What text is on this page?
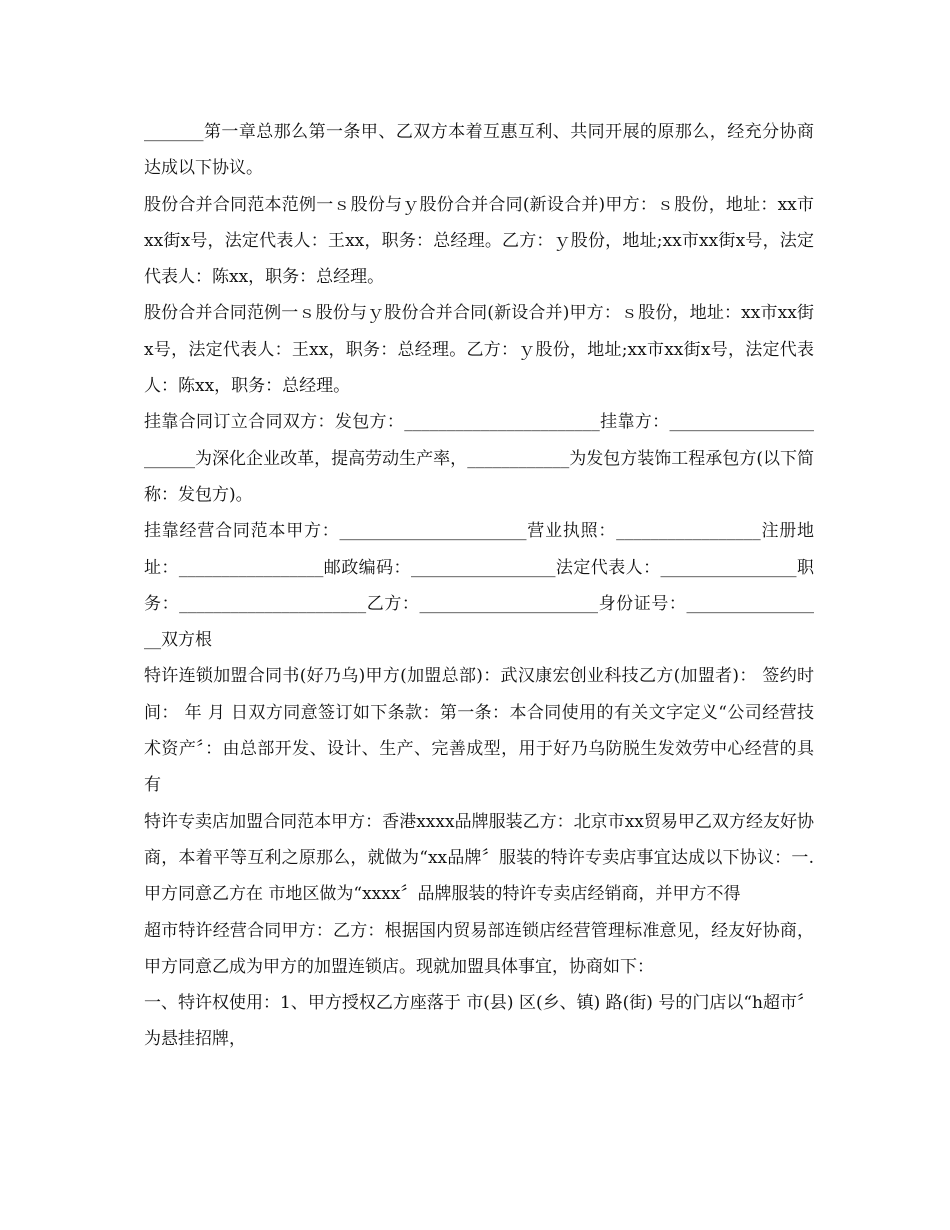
_______第一章总那么第一条甲、乙双方本着互惠互利、共同开展的原那么，经充分协商达成以下协议。

股份合并合同范本范例一ｓ股份与ｙ股份合并合同(新设合并)甲方：ｓ股份，地址：xx市xx街x号，法定代表人：王xx，职务：总经理。乙方：ｙ股份，地址;xx市xx街x号，法定代表人：陈xx，职务：总经理。

股份合并合同范例一ｓ股份与ｙ股份合并合同(新设合并)甲方：ｓ股份，地址：xx市xx街x号，法定代表人：王xx，职务：总经理。乙方：ｙ股份，地址;xx市xx街x号，法定代表人：陈xx，职务：总经理。

挂靠合同订立合同双方：发包方：_______________________挂靠方：_______________________为深化企业改革，提高劳动生产率，____________为发包方装饰工程承包方(以下简称：发包方)。

挂靠经营合同范本甲方：______________________营业执照：_________________注册地址：_________________邮政编码：_________________法定代表人：________________职务：______________________乙方：_____________________身份证号：_________________双方根

特许连锁加盟合同书(好乃乌)甲方(加盟总部)：武汉康宏创业科技乙方(加盟者)： 签约时间： 年 月 日双方同意签订如下条款：第一条：本合同使用的有关文字定义“公司经营技术资产〞：由总部开发、设计、生产、完善成型，用于好乃乌防脱生发效劳中心经营的具有

特许专卖店加盟合同范本甲方：香港xxxx品牌服装乙方：北京市xx贸易甲乙双方经友好协商，本着平等互利之原那么，就做为“xx品牌〞服装的特许专卖店事宜达成以下协议：一.甲方同意乙方在 市地区做为“xxxx〞品牌服装的特许专卖店经销商，并甲方不得

超市特许经营合同甲方：乙方：根据国内贸易部连锁店经营管理标准意见，经友好协商，甲方同意乙成为甲方的加盟连锁店。现就加盟具体事宜，协商如下：

一、特许权使用：1、甲方授权乙方座落于 市(县) 区(乡、镇) 路(街) 号的门店以“h超市〞为悬挂招牌，
